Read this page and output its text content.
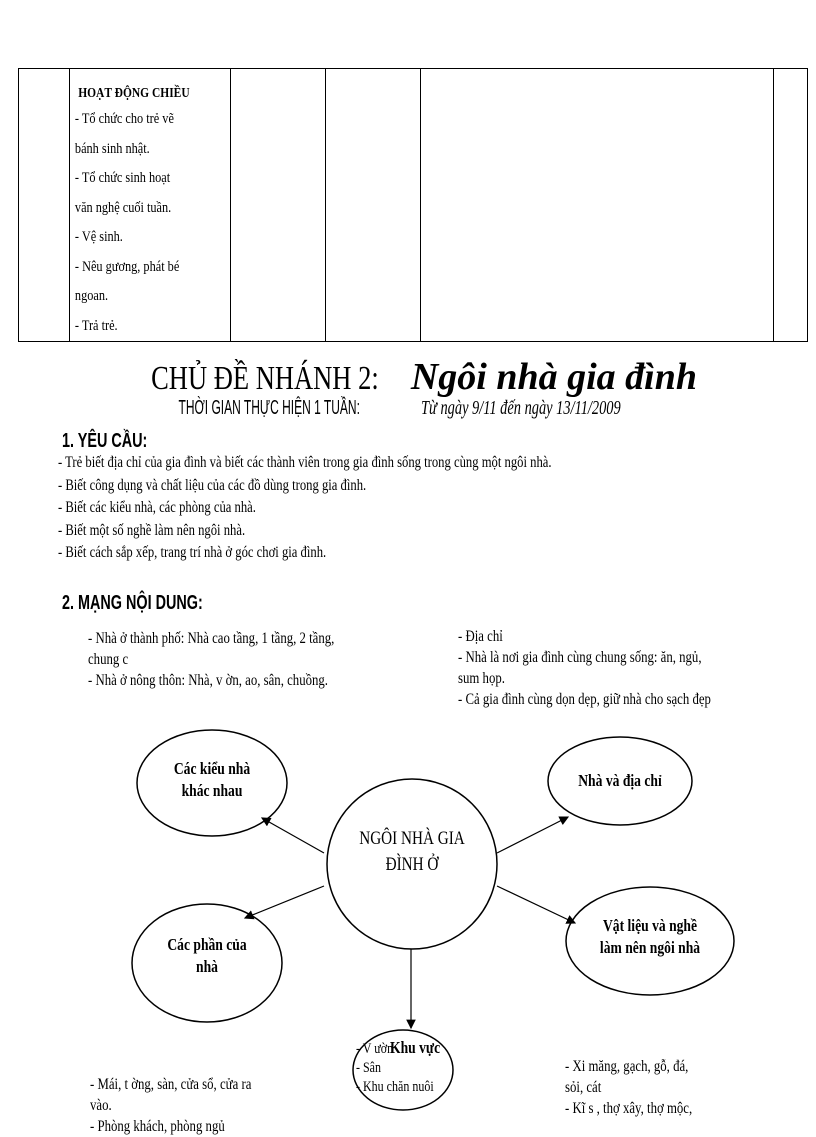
HOẠT ĐỘNG CHIỀU
- Tổ chức cho trẻ vẽ
bánh sinh nhật.
- Tổ chức sinh hoạt
văn nghệ cuối tuần.
- Vệ sinh.
- Nêu gương, phát bé
ngoan.
- Trả trẻ.

CHỦ ĐỀ NHÁNH 2: Ngôi nhà gia đình
THỜI GIAN THỰC HIỆN 1 TUẦN:	Từ ngày 9/11 đến ngày 13/11/2009
1. YÊU CẦU:
- Trẻ biết địa chỉ của gia đình và biết các thành viên trong gia đình sống trong cùng một ngôi nhà.
- Biết công dụng và chất liệu của các đồ dùng trong gia đình.
- Biết các kiểu nhà, các phòng của nhà.
- Biết một số nghề làm nên ngôi nhà.
- Biết cách sắp xếp, trang trí nhà ở góc chơi gia đình.
2. MẠNG NỘI DUNG:
- Nhà ở thành phố: Nhà cao tầng, 1 tầng, 2 tầng,
chung c
- Nhà ở nông thôn: Nhà, v ờn, ao, sân, chuồng.
- Địa chỉ
- Nhà là nơi gia đình cùng chung sống: ăn, ngủ,
sum họp.
- Cả gia đình cùng dọn dẹp, giữ nhà cho sạch đẹp
NGÔI NHÀ GIA
ĐÌNH Ở
Các kiểu nhà
khác nhau
Nhà và địa chỉ
Các phần của
nhà
Vật liệu và nghề
làm nên ngôi nhà
Khu vực
- V ườn
- Sân
- Khu chăn nuôi
- Mái, t ờng, sàn, cửa sổ, cửa ra
vào.
- Phòng khách, phòng ngủ
- Xi măng, gạch, gỗ, đá,
sỏi, cát
- Kĩ s , thợ xây, thợ mộc,
